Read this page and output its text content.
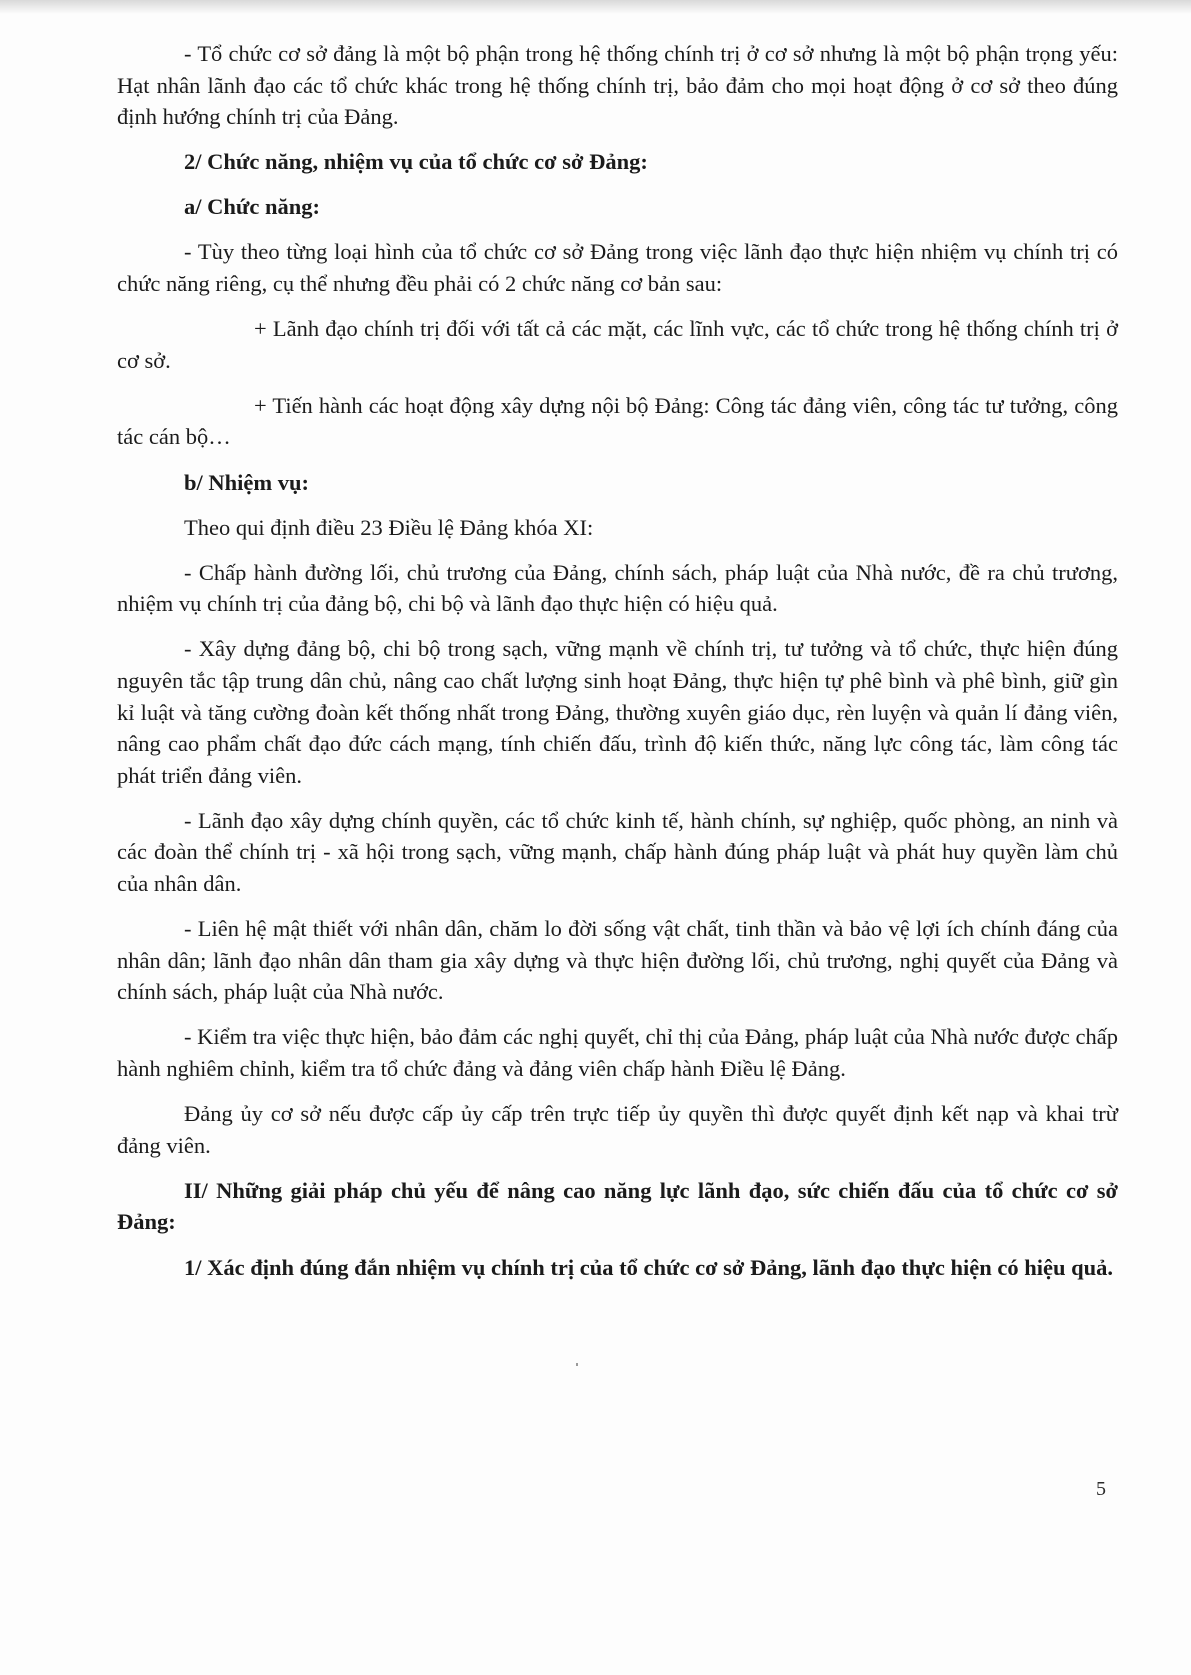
- Tổ chức cơ sở đảng là một bộ phận trong hệ thống chính trị ở cơ sở nhưng là một bộ phận trọng yếu: Hạt nhân lãnh đạo các tổ chức khác trong hệ thống chính trị, bảo đảm cho mọi hoạt động ở cơ sở theo đúng định hướng chính trị của Đảng.

2/ Chức năng, nhiệm vụ của tổ chức cơ sở Đảng:

a/ Chức năng:

- Tùy theo từng loại hình của tổ chức cơ sở Đảng trong việc lãnh đạo thực hiện nhiệm vụ chính trị có chức năng riêng, cụ thể nhưng đều phải có 2 chức năng cơ bản sau:

+ Lãnh đạo chính trị đối với tất cả các mặt, các lĩnh vực, các tổ chức trong hệ thống chính trị ở cơ sở.

+ Tiến hành các hoạt động xây dựng nội bộ Đảng: Công tác đảng viên, công tác tư tưởng, công tác cán bộ…

b/ Nhiệm vụ:

Theo qui định điều 23 Điều lệ Đảng khóa XI:

- Chấp hành đường lối, chủ trương của Đảng, chính sách, pháp luật của Nhà nước, đề ra chủ trương, nhiệm vụ chính trị của đảng bộ, chi bộ và lãnh đạo thực hiện có hiệu quả.

- Xây dựng đảng bộ, chi bộ trong sạch, vững mạnh về chính trị, tư tưởng và tổ chức, thực hiện đúng nguyên tắc tập trung dân chủ, nâng cao chất lượng sinh hoạt Đảng, thực hiện tự phê bình và phê bình, giữ gìn kỉ luật và tăng cường đoàn kết thống nhất trong Đảng, thường xuyên giáo dục, rèn luyện và quản lí đảng viên, nâng cao phẩm chất đạo đức cách mạng, tính chiến đấu, trình độ kiến thức, năng lực công tác, làm công tác phát triển đảng viên.

- Lãnh đạo xây dựng chính quyền, các tổ chức kinh tế, hành chính, sự nghiệp, quốc phòng, an ninh và các đoàn thể chính trị - xã hội trong sạch, vững mạnh, chấp hành đúng pháp luật và phát huy quyền làm chủ của nhân dân.

- Liên hệ mật thiết với nhân dân, chăm lo đời sống vật chất, tinh thần và bảo vệ lợi ích chính đáng của nhân dân; lãnh đạo nhân dân tham gia xây dựng và thực hiện đường lối, chủ trương, nghị quyết của Đảng và chính sách, pháp luật của Nhà nước.

- Kiểm tra việc thực hiện, bảo đảm các nghị quyết, chỉ thị của Đảng, pháp luật của Nhà nước được chấp hành nghiêm chỉnh, kiểm tra tổ chức đảng và đảng viên chấp hành Điều lệ Đảng.

Đảng ủy cơ sở nếu được cấp ủy cấp trên trực tiếp ủy quyền thì được quyết định kết nạp và khai trừ đảng viên.

II/ Những giải pháp chủ yếu để nâng cao năng lực lãnh đạo, sức chiến đấu của tổ chức cơ sở Đảng:

1/ Xác định đúng đắn nhiệm vụ chính trị của tổ chức cơ sở Đảng, lãnh đạo thực hiện có hiệu quả.

5
